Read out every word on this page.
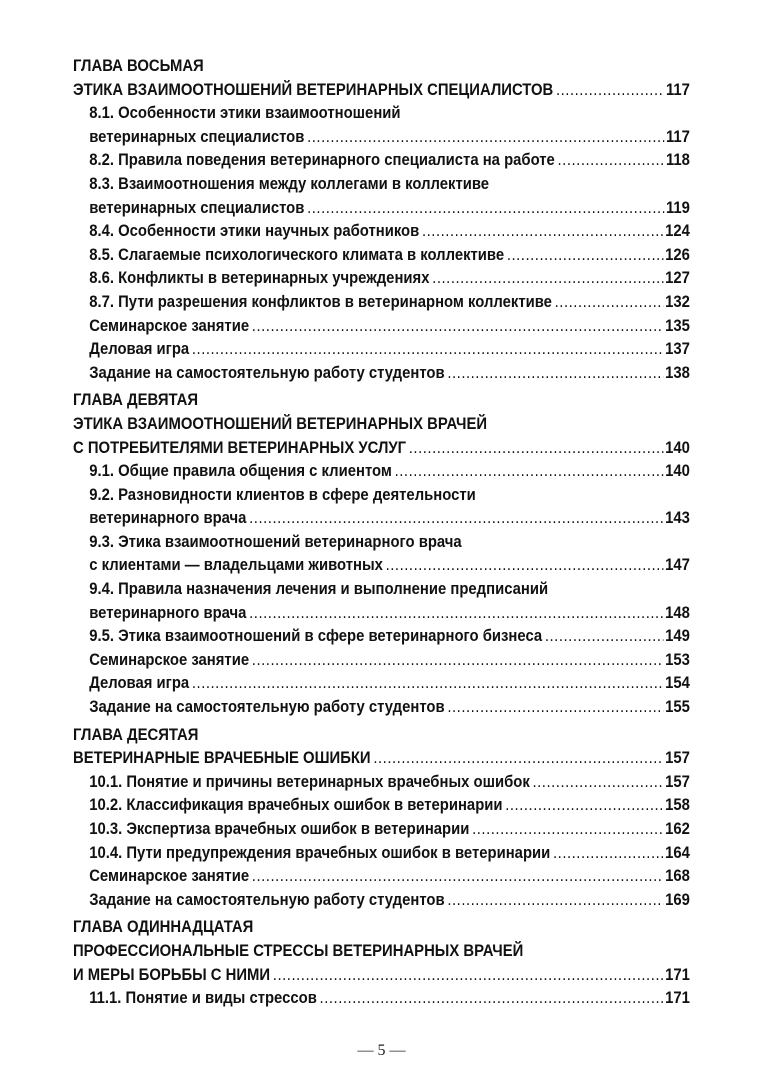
ГЛАВА ВОСЬМАЯ
ЭТИКА ВЗАИМООТНОШЕНИЙ ВЕТЕРИНАРНЫХ СПЕЦИАЛИСТОВ .....	117
8.1. Особенности этики взаимоотношений
ветеринарных специалистов .....	117
8.2. Правила поведения ветеринарного специалиста на работе .....	118
8.3. Взаимоотношения между коллегами в коллективе
ветеринарных специалистов .....	119
8.4. Особенности этики научных работников .....	124
8.5. Слагаемые психологического климата в коллективе .....	126
8.6. Конфликты в ветеринарных учреждениях .....	127
8.7. Пути разрешения конфликтов в ветеринарном коллективе .....	132
Семинарское занятие .....	135
Деловая игра .....	137
Задание на самостоятельную работу студентов .....	138
ГЛАВА ДЕВЯТАЯ
ЭТИКА ВЗАИМООТНОШЕНИЙ ВЕТЕРИНАРНЫХ ВРАЧЕЙ
С ПОТРЕБИТЕЛЯМИ ВЕТЕРИНАРНЫХ УСЛУГ .....	140
9.1. Общие правила общения с клиентом .....	140
9.2. Разновидности клиентов в сфере деятельности
ветеринарного врача .....	143
9.3. Этика взаимоотношений ветеринарного врача
с клиентами — владельцами животных .....	147
9.4. Правила назначения лечения и выполнение предписаний
ветеринарного врача .....	148
9.5. Этика взаимоотношений в сфере ветеринарного бизнеса .....	149
Семинарское занятие .....	153
Деловая игра .....	154
Задание на самостоятельную работу студентов .....	155
ГЛАВА ДЕСЯТАЯ
ВЕТЕРИНАРНЫЕ ВРАЧЕБНЫЕ ОШИБКИ .....	157
10.1. Понятие и причины ветеринарных врачебных ошибок .....	157
10.2. Классификация врачебных ошибок в ветеринарии .....	158
10.3. Экспертиза врачебных ошибок в ветеринарии .....	162
10.4. Пути предупреждения врачебных ошибок в ветеринарии .....	164
Семинарское занятие .....	168
Задание на самостоятельную работу студентов .....	169
ГЛАВА ОДИННАДЦАТАЯ
ПРОФЕССИОНАЛЬНЫЕ СТРЕССЫ ВЕТЕРИНАРНЫХ ВРАЧЕЙ
И МЕРЫ БОРЬБЫ С НИМИ .....	171
11.1. Понятие и виды стрессов .....	171
— 5 —
